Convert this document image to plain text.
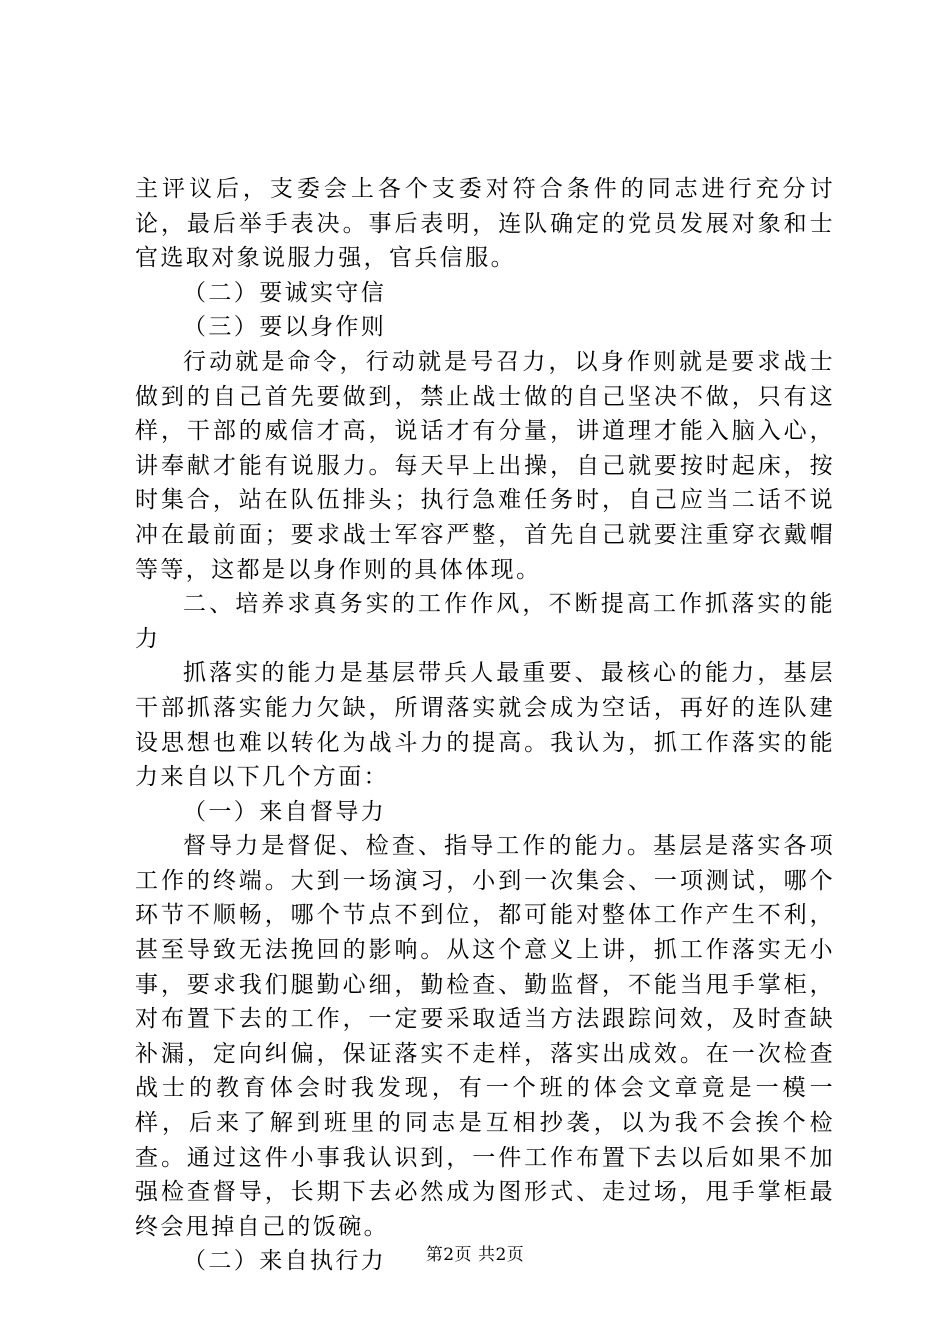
主评议后，支委会上各个支委对符合条件的同志进行充分讨论，最后举手表决。事后表明，连队确定的党员发展对象和士官选取对象说服力强，官兵信服。

（二）要诚实守信

（三）要以身作则

行动就是命令，行动就是号召力，以身作则就是要求战士做到的自己首先要做到，禁止战士做的自己坚决不做，只有这样，干部的威信才高，说话才有分量，讲道理才能入脑入心，讲奉献才能有说服力。每天早上出操，自己就要按时起床，按时集合，站在队伍排头；执行急难任务时，自己应当二话不说冲在最前面；要求战士军容严整，首先自己就要注重穿衣戴帽等等，这都是以身作则的具体体现。

二、培养求真务实的工作作风，不断提高工作抓落实的能力

抓落实的能力是基层带兵人最重要、最核心的能力，基层干部抓落实能力欠缺，所谓落实就会成为空话，再好的连队建设思想也难以转化为战斗力的提高。我认为，抓工作落实的能力来自以下几个方面：

（一）来自督导力

督导力是督促、检查、指导工作的能力。基层是落实各项工作的终端。大到一场演习，小到一次集会、一项测试，哪个环节不顺畅，哪个节点不到位，都可能对整体工作产生不利，甚至导致无法挽回的影响。从这个意义上讲，抓工作落实无小事，要求我们腿勤心细，勤检查、勤监督，不能当甩手掌柜，对布置下去的工作，一定要采取适当方法跟踪问效，及时查缺补漏，定向纠偏，保证落实不走样，落实出成效。在一次检查战士的教育体会时我发现，有一个班的体会文章竟是一模一样，后来了解到班里的同志是互相抄袭，以为我不会挨个检查。通过这件小事我认识到，一件工作布置下去以后如果不加强检查督导，长期下去必然成为图形式、走过场，甩手掌柜最终会甩掉自己的饭碗。

（二）来自执行力	第2页 共2页
